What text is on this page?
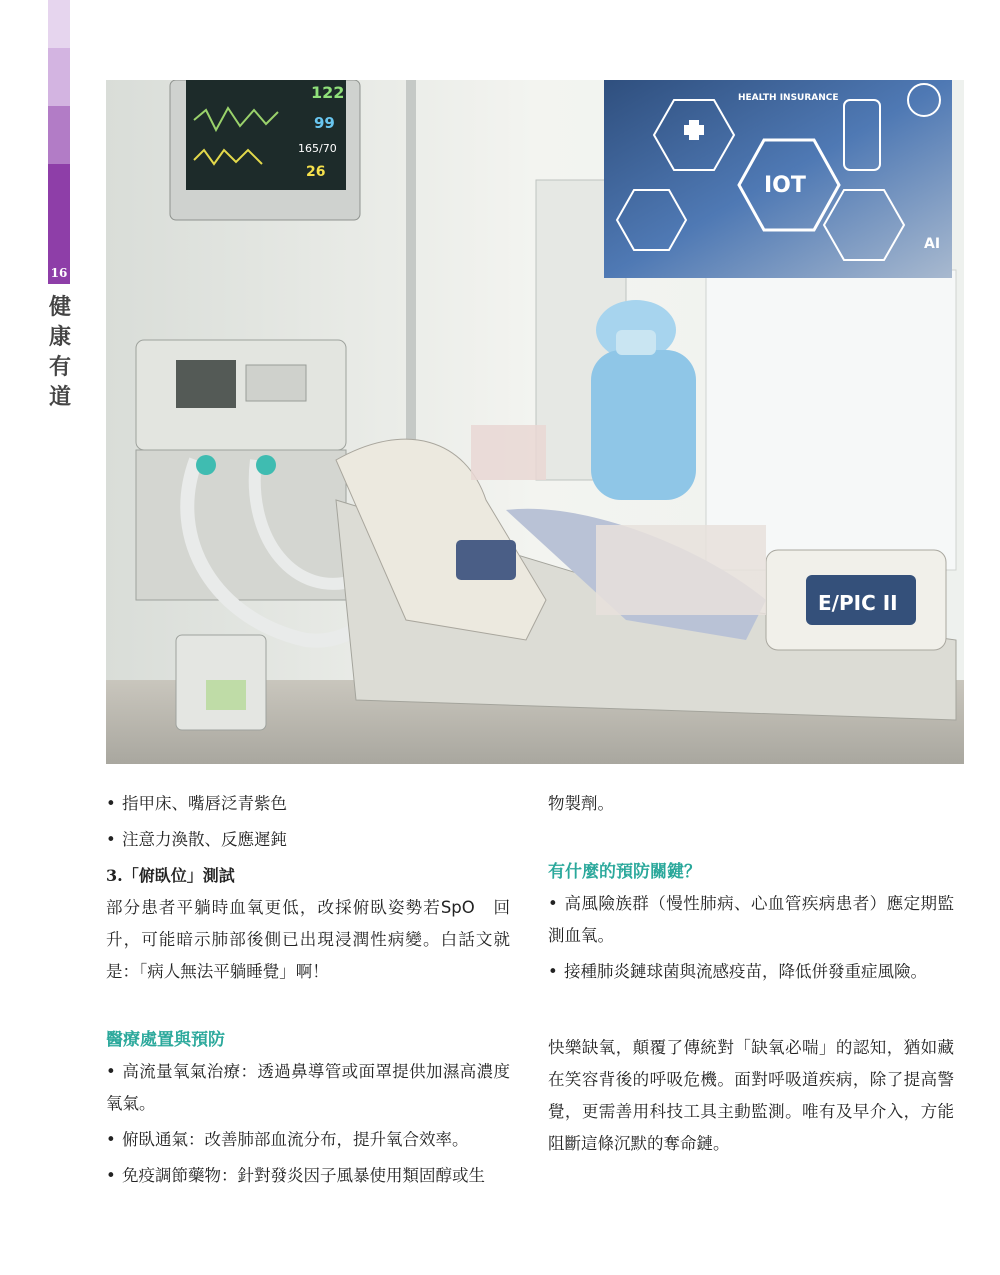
16
健康有道
122
99
165/70
26
E/PIC II
IOT
HEALTH INSURANCE
AI

• 指甲床、嘴唇泛青紫色

• 注意力渙散、反應遲鈍

3.「俯臥位」測試

部分患者平躺時血氧更低，改採俯臥姿勢若SpO　回升，可能暗示肺部後側已出現浸潤性病變。白話文就是：「病人無法平躺睡覺」啊！

醫療處置與預防

• 高流量氧氣治療：透過鼻導管或面罩提供加濕高濃度氧氣。

• 俯臥通氣：改善肺部血流分布，提升氧合效率。

• 免疫調節藥物：針對發炎因子風暴使用類固醇或生

物製劑。

有什麼的預防關鍵？

• 高風險族群（慢性肺病、心血管疾病患者）應定期監測血氧。

• 接種肺炎鏈球菌與流感疫苗，降低併發重症風險。

快樂缺氧，顛覆了傳統對「缺氧必喘」的認知，猶如藏在笑容背後的呼吸危機。面對呼吸道疾病，除了提高警覺，更需善用科技工具主動監測。唯有及早介入，方能阻斷這條沉默的奪命鏈。
